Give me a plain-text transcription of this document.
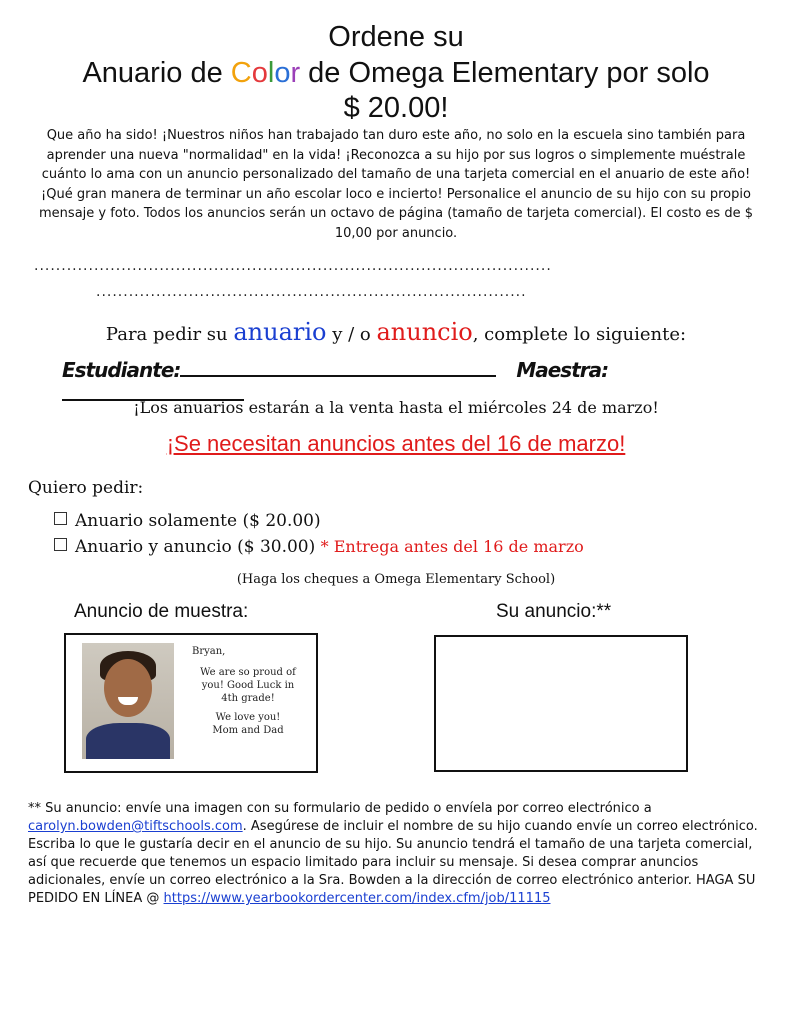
Ordene su
Anuario de Color de Omega Elementary por solo
$ 20.00!
Que año ha sido! ¡Nuestros niños han trabajado tan duro este año, no solo en la escuela sino también para aprender una nueva "normalidad" en la vida! ¡Reconozca a su hijo por sus logros o simplemente muéstrale cuánto lo ama con un anuncio personalizado del tamaño de una tarjeta comercial en el anuario de este año! ¡Qué gran manera de terminar un año escolar loco e incierto! Personalice el anuncio de su hijo con su propio mensaje y foto. Todos los anuncios serán un octavo de página (tamaño de tarjeta comercial). El costo es de $ 10,00 por anuncio.
...............................................................................................
...............................................................................
Para pedir su anuario y / o anuncio, complete lo siguiente:
Estudiante:	Maestra:
¡Los anuarios estarán a la venta hasta el miércoles 24 de marzo!
¡Se necesitan anuncios antes del 16 de marzo!
Quiero pedir:
Anuario solamente ($ 20.00)
Anuario y anuncio ($ 30.00) * Entrega antes del 16 de marzo
(Haga los cheques a Omega Elementary School)
Anuncio de muestra:	Su anuncio:**
Bryan,
We are so proud of you! Good Luck in 4th grade!
We love you!
Mom and Dad
** Su anuncio: envíe una imagen con su formulario de pedido o envíela por correo electrónico a carolyn.bowden@tiftschools.com. Asegúrese de incluir el nombre de su hijo cuando envíe un correo electrónico. Escriba lo que le gustaría decir en el anuncio de su hijo. Su anuncio tendrá el tamaño de una tarjeta comercial, así que recuerde que tenemos un espacio limitado para incluir su mensaje. Si desea comprar anuncios adicionales, envíe un correo electrónico a la Sra. Bowden a la dirección de correo electrónico anterior. HAGA SU PEDIDO EN LÍNEA @ https://www.yearbookordercenter.com/index.cfm/job/11115
